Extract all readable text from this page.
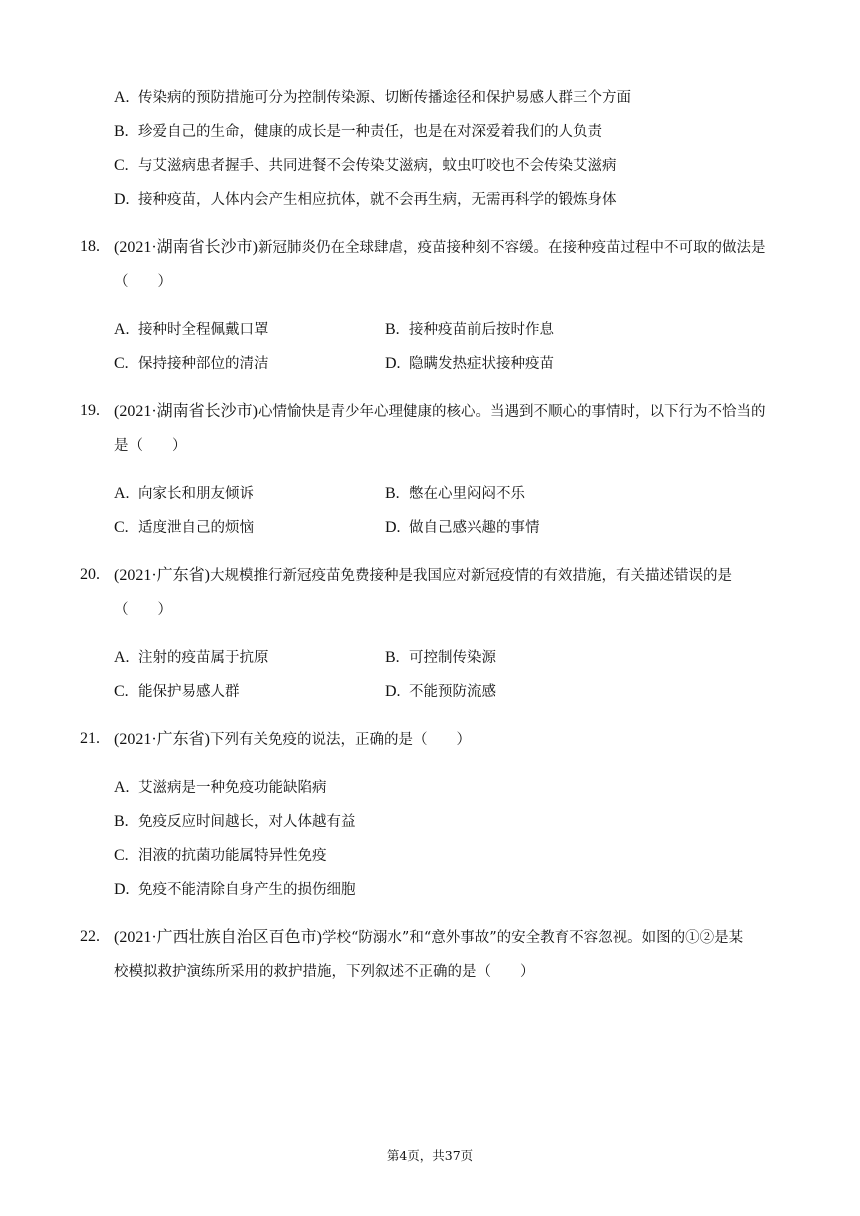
A. 传染病的预防措施可分为控制传染源、切断传播途径和保护易感人群三个方面
B. 珍爱自己的生命，健康的成长是一种责任，也是在对深爱着我们的人负责
C. 与艾滋病患者握手、共同进餐不会传染艾滋病，蚊虫叮咬也不会传染艾滋病
D. 接种疫苗，人体内会产生相应抗体，就不会再生病，无需再科学的锻炼身体
18. (2021·湖南省长沙市)新冠肺炎仍在全球肆虐，疫苗接种刻不容缓。在接种疫苗过程中不可取的做法是
（　　）
A. 接种时全程佩戴口罩	B. 接种疫苗前后按时作息
C. 保持接种部位的清洁	D. 隐瞒发热症状接种疫苗
19. (2021·湖南省长沙市)心情愉快是青少年心理健康的核心。当遇到不顺心的事情时，以下行为不恰当的
是（　　）
A. 向家长和朋友倾诉	B. 憋在心里闷闷不乐
C. 适度泄自己的烦恼	D. 做自己感兴趣的事情
20. (2021·广东省)大规模推行新冠疫苗免费接种是我国应对新冠疫情的有效措施，有关描述错误的是
（　　）
A. 注射的疫苗属于抗原	B. 可控制传染源
C. 能保护易感人群	D. 不能预防流感
21. (2021·广东省)下列有关免疫的说法，正确的是（　　）
A. 艾滋病是一种免疫功能缺陷病
B. 免疫反应时间越长，对人体越有益
C. 泪液的抗菌功能属特异性免疫
D. 免疫不能清除自身产生的损伤细胞
22. (2021·广西壮族自治区百色市)学校“防溺水”和“意外事故”的安全教育不容忽视。如图的①②是某
校模拟救护演练所采用的救护措施，下列叙述不正确的是（　　）
第4页，共37页
